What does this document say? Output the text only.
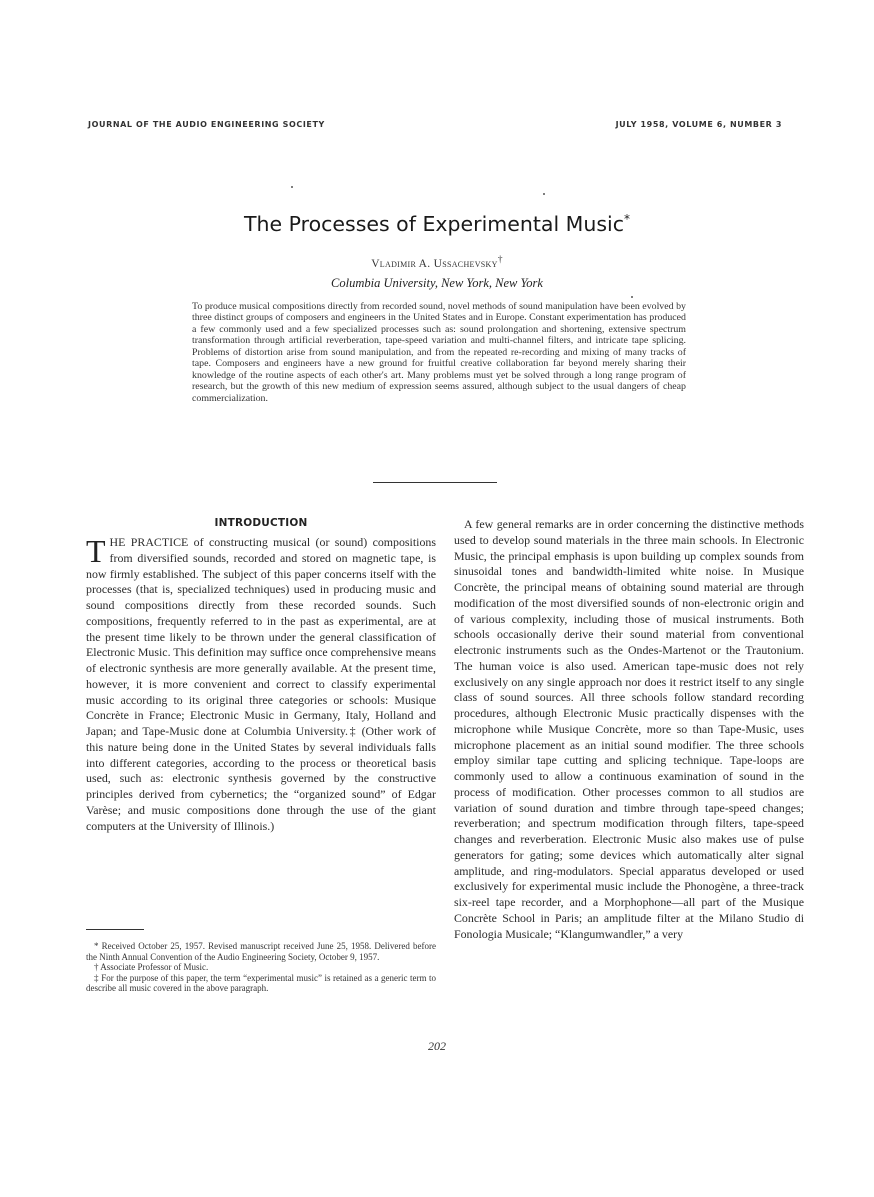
JOURNAL OF THE AUDIO ENGINEERING SOCIETY	JULY 1958, VOLUME 6, NUMBER 3
The Processes of Experimental Music*
Vladimir A. Ussachevsky†
Columbia University, New York, New York

To produce musical compositions directly from recorded sound, novel methods of sound manipulation have been evolved by three distinct groups of composers and engineers in the United States and in Europe. Constant experimentation has produced a few commonly used and a few specialized processes such as: sound prolongation and shortening, extensive spectrum transformation through artificial reverberation, tape-speed variation and multi-channel filters, and intricate tape splicing. Problems of distortion arise from sound manipulation, and from the repeated re-recording and mixing of many tracks of tape. Composers and engineers have a new ground for fruitful creative collaboration far beyond merely sharing their knowledge of the routine aspects of each other's art. Many problems must yet be solved through a long range program of research, but the growth of this new medium of expression seems assured, although subject to the usual dangers of cheap commercialization.

INTRODUCTION

THE PRACTICE of constructing musical (or sound) compositions from diversified sounds, recorded and stored on magnetic tape, is now firmly established. The subject of this paper concerns itself with the processes (that is, specialized techniques) used in producing music and sound compositions directly from these recorded sounds. Such compositions, frequently referred to in the past as experimental, are at the present time likely to be thrown under the general classification of Electronic Music. This definition may suffice once comprehensive means of electronic synthesis are more generally available. At the present time, however, it is more convenient and correct to classify experimental music according to its original three categories or schools: Musique Concrète in France; Electronic Music in Germany, Italy, Holland and Japan; and Tape-Music done at Columbia University.‡ (Other work of this nature being done in the United States by several individuals falls into different categories, according to the process or theoretical basis used, such as: electronic synthesis governed by the constructive principles derived from cybernetics; the “organized sound” of Edgar Varèse; and music compositions done through the use of the giant computers at the University of Illinois.)

A few general remarks are in order concerning the distinctive methods used to develop sound materials in the three main schools. In Electronic Music, the principal emphasis is upon building up complex sounds from sinusoidal tones and bandwidth-limited white noise. In Musique Concrète, the principal means of obtaining sound material are through modification of the most diversified sounds of non-electronic origin and of various complexity, including those of musical instruments. Both schools occasionally derive their sound material from conventional electronic instruments such as the Ondes-Martenot or the Trautonium. The human voice is also used. American tape-music does not rely exclusively on any single approach nor does it restrict itself to any single class of sound sources. All three schools follow standard recording procedures, although Electronic Music practically dispenses with the microphone while Musique Concrète, more so than Tape-Music, uses microphone placement as an initial sound modifier. The three schools employ similar tape cutting and splicing technique. Tape-loops are commonly used to allow a continuous examination of sound in the process of modification. Other processes common to all studios are variation of sound duration and timbre through tape-speed changes; reverberation; and spectrum modification through filters, tape-speed changes and reverberation. Electronic Music also makes use of pulse generators for gating; some devices which automatically alter signal amplitude, and ring-modulators. Special apparatus developed or used exclusively for experimental music include the Phonogène, a three-track six-reel tape recorder, and a Morphophone—all part of the Musique Concrète School in Paris; an amplitude filter at the Milano Studio di Fonologia Musicale; “Klangumwandler,” a very

* Received October 25, 1957. Revised manuscript received June 25, 1958. Delivered before the Ninth Annual Convention of the Audio Engineering Society, October 9, 1957.

† Associate Professor of Music.

‡ For the purpose of this paper, the term “experimental music” is retained as a generic term to describe all music covered in the above paragraph.

202
